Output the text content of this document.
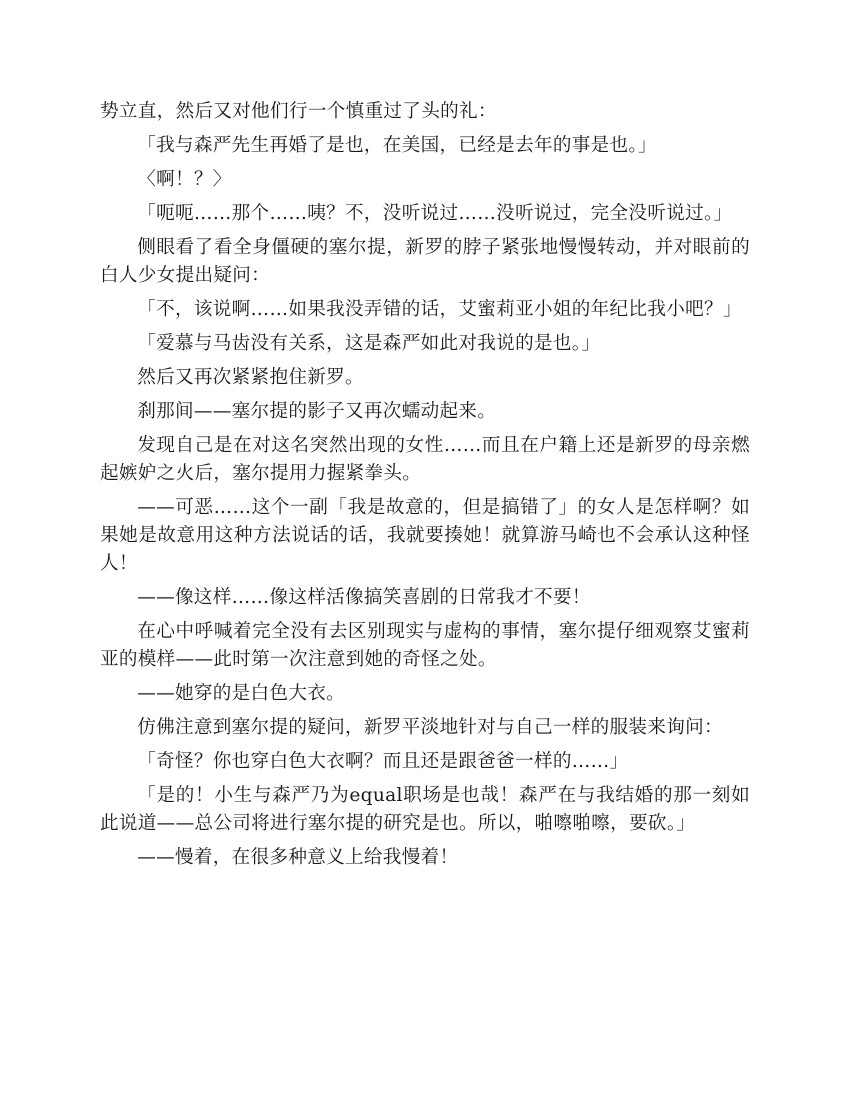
势立直，然后又对他们行一个慎重过了头的礼：

「我与森严先生再婚了是也，在美国，已经是去年的事是也。」

〈啊！？〉

「呃呃……那个……咦？不，没听说过……没听说过，完全没听说过。」

侧眼看了看全身僵硬的塞尔提，新罗的脖子紧张地慢慢转动，并对眼前的白人少女提出疑问：

「不，该说啊……如果我没弄错的话，艾蜜莉亚小姐的年纪比我小吧？」

「爱慕与马齿没有关系，这是森严如此对我说的是也。」

然后又再次紧紧抱住新罗。

刹那间——塞尔提的影子又再次蠕动起来。

发现自己是在对这名突然出现的女性……而且在户籍上还是新罗的母亲燃起嫉妒之火后，塞尔提用力握紧拳头。

——可恶……这个一副「我是故意的，但是搞错了」的女人是怎样啊？如果她是故意用这种方法说话的话，我就要揍她！就算游马崎也不会承认这种怪人！

——像这样……像这样活像搞笑喜剧的日常我才不要！

在心中呼喊着完全没有去区别现实与虚构的事情，塞尔提仔细观察艾蜜莉亚的模样——此时第一次注意到她的奇怪之处。

——她穿的是白色大衣。

仿佛注意到塞尔提的疑问，新罗平淡地针对与自己一样的服装来询问：

「奇怪？你也穿白色大衣啊？而且还是跟爸爸一样的……」

「是的！小生与森严乃为equal职场是也哉！森严在与我结婚的那一刻如此说道——总公司将进行塞尔提的研究是也。所以，啪嚓啪嚓，要砍。」

——慢着，在很多种意义上给我慢着！
